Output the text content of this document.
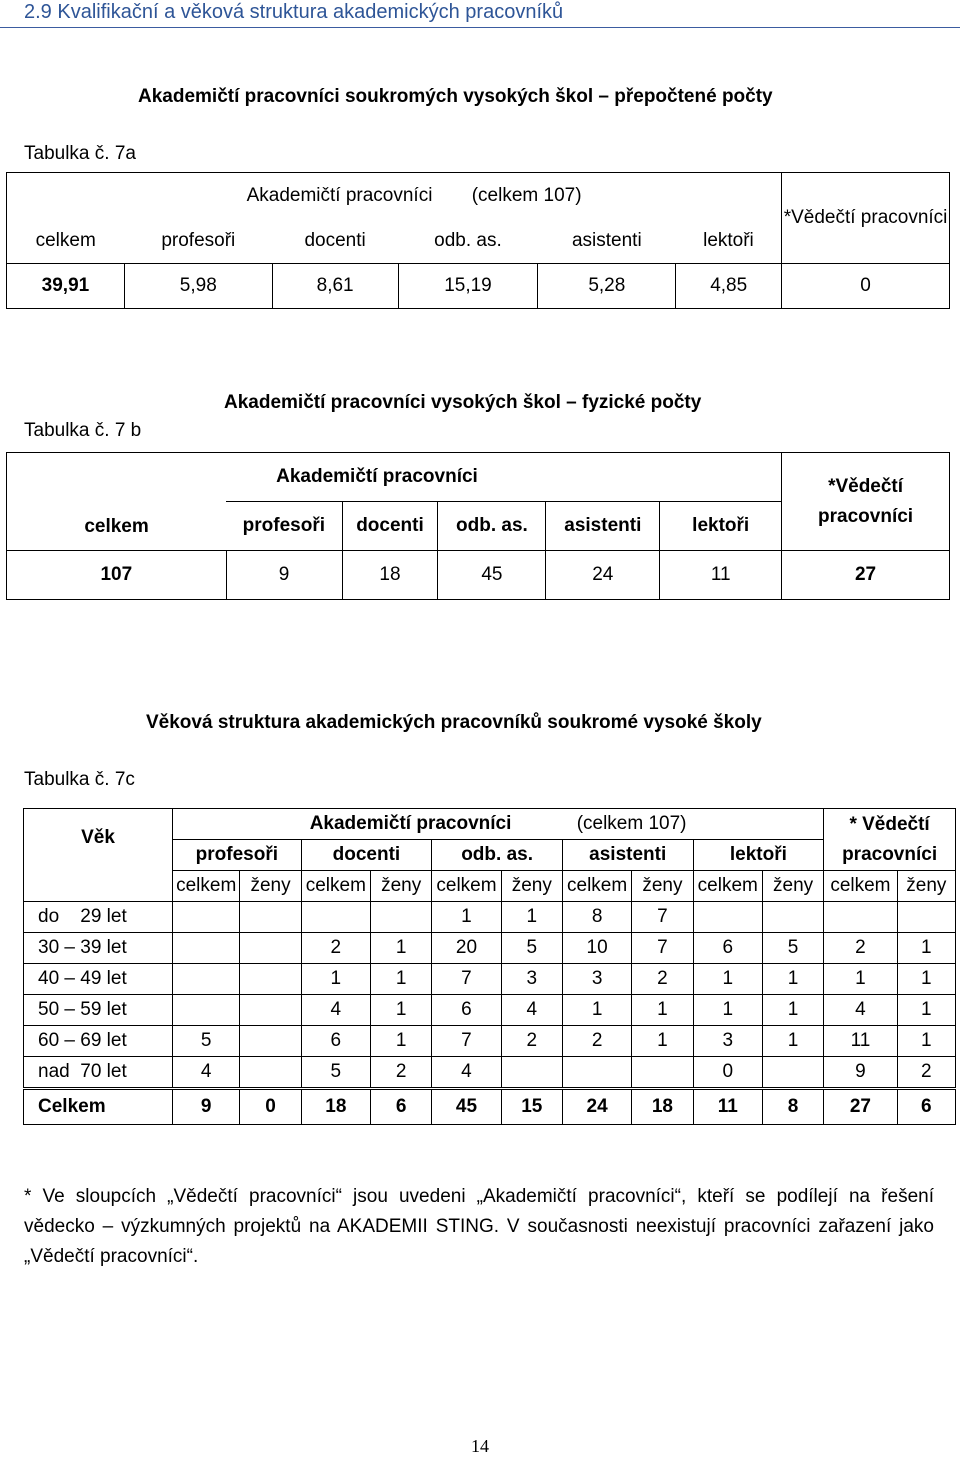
2.9 Kvalifikační a věková struktura akademických pracovníků
Akademičtí pracovníci soukromých vysokých škol – přepočtené počty
Tabulka č. 7a
Akademičtí pracovníci (celkem 107)						*Vědečtí pracovníci
celkem	profesoři	docenti	odb. as.	asistenti	lektoři	
39,91	5,98	8,61	15,19	5,28	4,85	0
Akademičtí pracovníci vysokých škol – fyzické počty
Tabulka č. 7 b
celkem	Akademičtí pracovníci					*Vědečtí pracovníci
	profesoři	docenti	odb. as.	asistenti	lektoři	
107	9	18	45	24	11	27
Věková struktura akademických pracovníků soukromé vysoké školy
Tabulka č. 7c
Věk	Akademičtí pracovníci (celkem 107)										* Vědečtí pracovníci	
	profesoři		docenti		odb. as.		asistenti		lektoři			
	celkem	ženy	celkem	ženy	celkem	ženy	celkem	ženy	celkem	ženy	celkem	ženy
do    29 let					1	1	8	7				
30 – 39 let			2	1	20	5	10	7	6	5	2	1
40 – 49 let			1	1	7	3	3	2	1	1	1	1
50 – 59 let			4	1	6	4	1	1	1	1	4	1
60 – 69 let	5		6	1	7	2	2	1	3	1	11	1
nad  70 let	4		5	2	4				0		9	2
Celkem	9	0	18	6	45	15	24	18	11	8	27	6
* Ve sloupcích „Vědečtí pracovníci“ jsou uvedeni „Akademičtí pracovníci“, kteří se podílejí na řešení vědecko – výzkumných projektů na AKADEMII STING. V současnosti neexistují pracovníci zařazení jako „Vědečtí pracovníci“.
14
